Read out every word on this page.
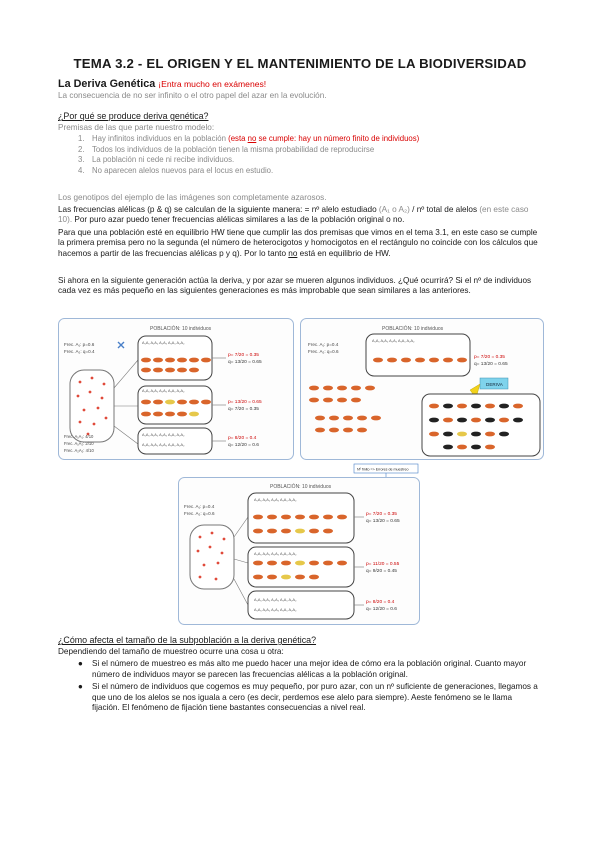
TEMA 3.2 - EL ORIGEN Y EL MANTENIMIENTO DE LA BIODIVERSIDAD
La Deriva Genética ¡Entra mucho en exámenes!
La consecuencia de no ser infinito o el otro papel del azar en la evolución.
¿Por qué se produce deriva genética?
Premisas de las que parte nuestro modelo:
1. Hay infinitos individuos en la población (esta no se cumple: hay un número finito de individuos)
2. Todos los individuos de la población tienen la misma probabilidad de reproducirse
3. La población ni cede ni recibe individuos.
4. No aparecen alelos nuevos para el locus en estudio.
Los genotipos del ejemplo de las imágenes son completamente azarosos.
Las frecuencias alélicas (p & q) se calculan de la siguiente manera: = nº alelo estudiado (A₁ o A₂) / nº total de alelos (en este caso 10). Por puro azar puedo tener frecuencias alélicas similares a las de la población original o no.
Para que una población esté en equilibrio HW tiene que cumplir las dos premisas que vimos en el tema 3.1, en este caso se cumple la primera premisa pero no la segunda (el número de heterocigotos y homocigotos en el rectángulo no coincide con los cálculos que hacemos a partir de las frecuencias alélicas p y q). Por lo tanto no está en equilibrio de HW.
Si ahora en la siguiente generación actúa la deriva, y por azar se mueren algunos individuos. ¿Qué ocurrirá? Si el nº de individuos cada vez es más pequeño en las siguientes generaciones es más improbable que sean similares a las anteriores.
POBLACIÓN: 10 individuos
Frec. A₁: p=0.6
Frec. A₂: q=0.4
Frec. A₁A₁: 4/10
Frec. A₁A₂: 2/10
Frec. A₂A₂: 4/10
A₁A₁ A₁A₂ A₂A₂ A₁A₁ A₂A₂
A₁A₁ A₁A₂ A₂A₂ A₁A₁ A₂A₂
A₁A₁ A₁A₂ A₂A₂ A₁A₁ A₂A₂
A₁A₁ A₁A₂ A₂A₂ A₁A₁ A₂A₂
p= 7/20 = 0.35
q= 13/20 = 0.65
p= 13/20 = 0.65
q= 7/20 = 0.35
p= 8/20 = 0.4
q= 12/20 = 0.6
POBLACIÓN: 10 individuos
Frec. A₁: p=0.4
Frec. A₂: q=0.6
A₁A₁ A₁A₂ A₂A₂ A₁A₁ A₂A₂
p= 7/20 = 0.35
q= 13/20 = 0.65
DERIVA
Nº finito => Errores de muestreo
POBLACIÓN: 10 individuos
Frec. A₁: p=0.4
Frec. A₂: q=0.6
A₁A₁ A₁A₂ A₂A₂ A₁A₁ A₂A₂
A₁A₁ A₁A₂ A₂A₂ A₁A₁ A₂A₂
A₁A₁ A₁A₂ A₂A₂ A₁A₁ A₂A₂
A₁A₁ A₁A₂ A₂A₂ A₁A₁ A₂A₂
p= 7/20 = 0.35
q= 13/20 = 0.65
p= 11/20 = 0.55
q= 9/20 = 0.45
p= 8/20 = 0.4
q= 12/20 = 0.6
¿Cómo afecta el tamaño de la subpoblación a la deriva genética?
Dependiendo del tamaño de muestreo ocurre una cosa u otra:
● Si el número de muestreo es más alto me puedo hacer una mejor idea de cómo era la población original. Cuanto mayor número de individuos mayor se parecen las frecuencias alélicas a la población original.
● Si el número de individuos que cogemos es muy pequeño, por puro azar, con un nº suficiente de generaciones, llegamos a que uno de los alelos se nos iguala a cero (es decir, perdemos ese alelo para siempre). Aeste fenómeno se le llama fijación. El fenómeno de fijación tiene bastantes consecuencias a nivel real.
